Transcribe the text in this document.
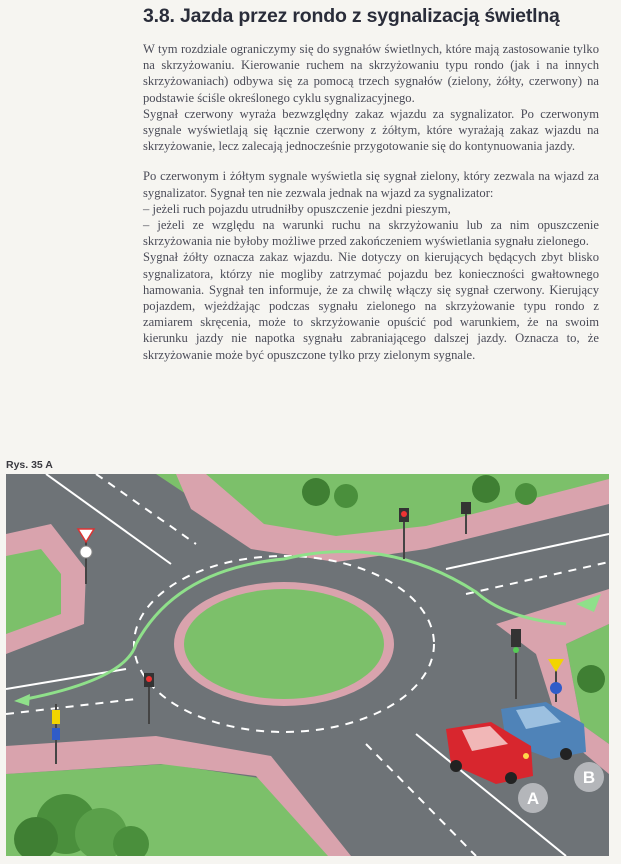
3.8. Jazda przez rondo z sygnalizacją świetlną

W tym rozdziale ograniczymy się do sygnałów świetlnych, które mają zastosowanie tylko na skrzyżowaniu. Kierowanie ruchem na skrzyżowaniu typu rondo (jak i na innych skrzyżowaniach) odbywa się za pomocą trzech sygnałów (zielony, żółty, czerwony) na podstawie ściśle określonego cyklu sygnalizacyjnego.

Sygnał czerwony wyraża bezwzględny zakaz wjazdu za sygnalizator. Po czerwonym sygnale wyświetlają się łącznie czerwony z żółtym, które wyrażają zakaz wjazdu na skrzyżowanie, lecz zalecają jednocześnie przygotowanie się do kontynuowania jazdy.

Po czerwonym i żółtym sygnale wyświetla się sygnał zielony, który zezwala na wjazd za sygnalizator. Sygnał ten nie zezwala jednak na wjazd za sygnalizator:

– jeżeli ruch pojazdu utrudniłby opuszczenie jezdni pieszym,

– jeżeli ze względu na warunki ruchu na skrzyżowaniu lub za nim opuszczenie skrzyżowania nie byłoby możliwe przed zakończeniem wyświetlania sygnału zielonego.

Sygnał żółty oznacza zakaz wjazdu. Nie dotyczy on kierujących będących zbyt blisko sygnalizatora, którzy nie mogliby zatrzymać pojazdu bez konieczności gwałtownego hamowania. Sygnał ten informuje, że za chwilę włączy się sygnał czerwony. Kierujący pojazdem, wjeżdżając podczas sygnału zielonego na skrzyżowanie typu rondo z zamiarem skręcenia, może to skrzyżowanie opuścić pod warunkiem, że na swoim kierunku jazdy nie napotka sygnału zabraniającego dalszej jazdy. Oznacza to, że skrzyżowanie może być opuszczone tylko przy zielonym sygnale.

Rys. 35 A
A
B
